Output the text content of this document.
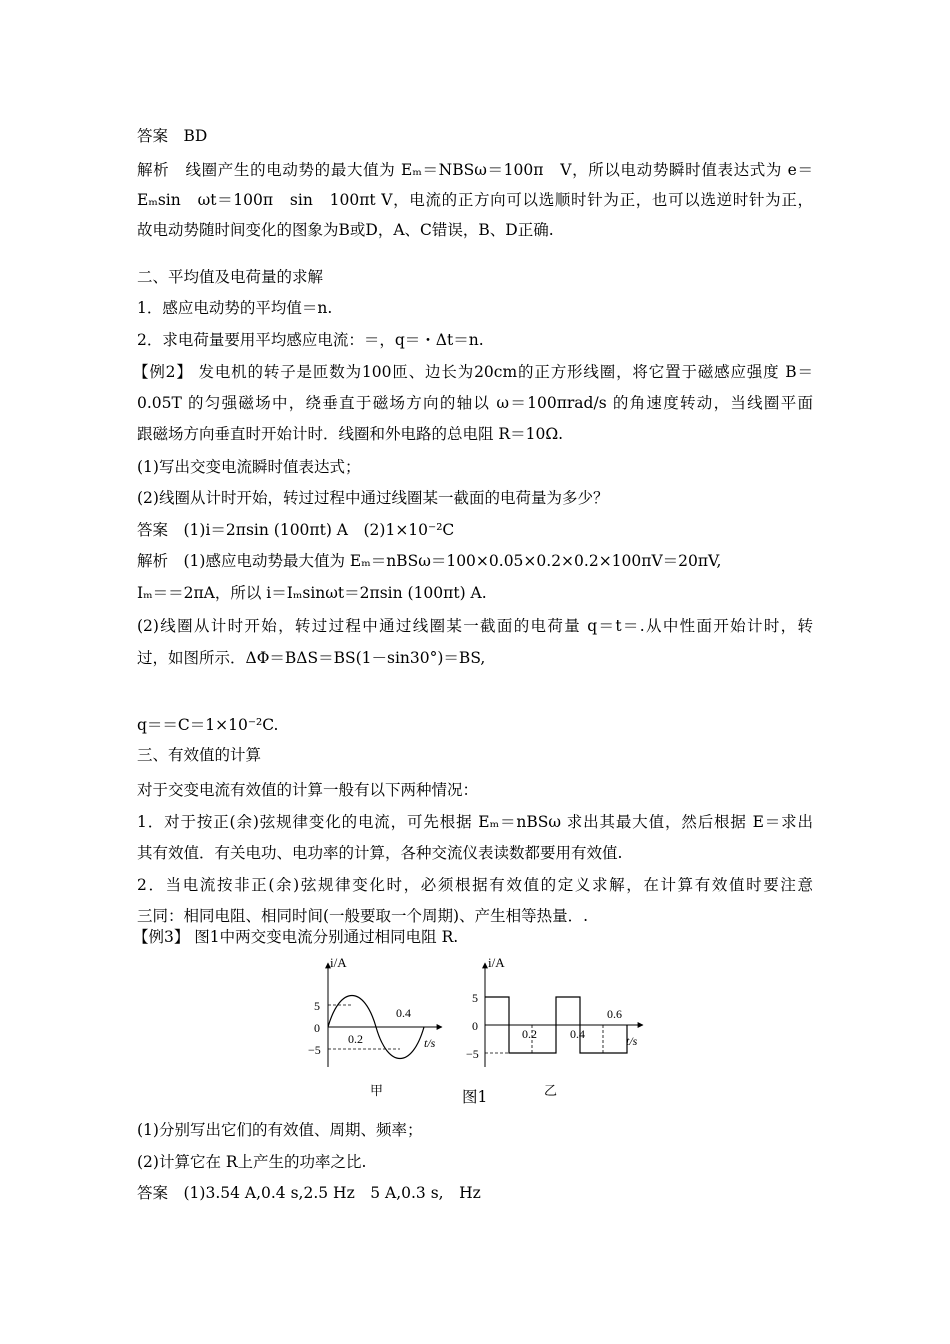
答案　BD
解析　线圈产生的电动势的最大值为 Eₘ＝NBSω＝100π　V，所以电动势瞬时值表达式为 e＝
Eₘsin　ωt＝100π　sin　100πt V，电流的正方向可以选顺时针为正，也可以选逆时针为正，
故电动势随时间变化的图象为B或D，A、C错误，B、D正确.
二、平均值及电荷量的求解
1．感应电动势的平均值＝n.
2．求电荷量要用平均感应电流：＝，q＝・Δt＝n.
【例2】 发电机的转子是匝数为100匝、边长为20cm的正方形线圈，将它置于磁感应强度 B＝
0.05T 的匀强磁场中，绕垂直于磁场方向的轴以 ω＝100πrad/s 的角速度转动，当线圈平面
跟磁场方向垂直时开始计时．线圈和外电路的总电阻 R＝10Ω.
(1)写出交变电流瞬时值表达式；
(2)线圈从计时开始，转过过程中通过线圈某一截面的电荷量为多少？
答案　(1)i＝2πsin (100πt) A　(2)1×10⁻²C
解析　(1)感应电动势最大值为 Eₘ＝nBSω＝100×0.05×0.2×0.2×100πV＝20πV,
Iₘ＝＝2πA，所以 i＝Iₘsinωt＝2πsin (100πt) A.
(2)线圈从计时开始，转过过程中通过线圈某一截面的电荷量 q＝t＝.从中性面开始计时，转
过，如图所示．ΔΦ＝BΔS＝BS(1－sin30°)＝BS,
q＝＝C＝1×10⁻²C.
三、有效值的计算
对于交变电流有效值的计算一般有以下两种情况：
1．对于按正(余)弦规律变化的电流，可先根据 Eₘ＝nBSω 求出其最大值，然后根据 E＝求出
其有效值．有关电功、电功率的计算，各种交流仪表读数都要用有效值.
2．当电流按非正(余)弦规律变化时，必须根据有效值的定义求解，在计算有效值时要注意
三同：相同电阻、相同时间(一般要取一个周期)、产生相等热量．.
【例3】 图1中两交变电流分别通过相同电阻 R.
i/A
t/s
5
0
−5
0.2
0.4
甲
i/A
t/s
5
0
−5
0.2	0.4
0.6
乙
图1
(1)分别写出它们的有效值、周期、频率；
(2)计算它在 R上产生的功率之比.
答案　(1)3.54 A,0.4 s,2.5 Hz　5 A,0.3 s,　Hz
